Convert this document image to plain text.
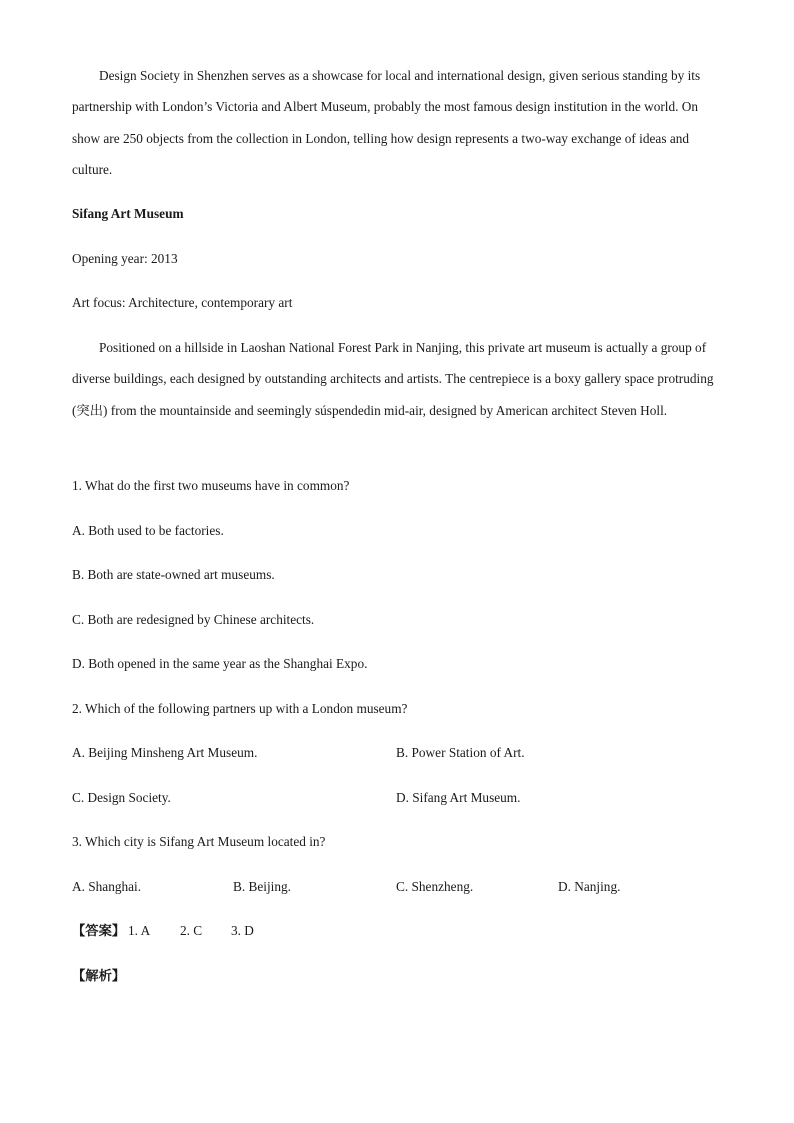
Design Society in Shenzhen serves as a showcase for local and international design, given serious standing by its partnership with London’s Victoria and Albert Museum, probably the most famous design institution in the world. On show are 250 objects from the collection in London, telling how design represents a two-way exchange of ideas and culture.

Sifang Art Museum

Opening year: 2013

Art focus: Architecture, contemporary art

Positioned on a hillside in Laoshan National Forest Park in Nanjing, this private art museum is actually a group of diverse buildings, each designed by outstanding architects and artists. The centrepiece is a boxy gallery space protruding (突出) from the mountainside and seemingly súspendedin mid-air, designed by American architect Steven Holl.

1. What do the first two museums have in common?

A. Both used to be factories.

B. Both are state-owned art museums.

C. Both are redesigned by Chinese architects.

D. Both opened in the same year as the Shanghai Expo.

2. Which of the following partners up with a London museum?

A. Beijing Minsheng Art Museum.	B. Power Station of Art.
C. Design Society.	D. Sifang Art Museum.

3. Which city is Sifang Art Museum located in?

A. Shanghai.	B. Beijing.	C. Shenzheng.	D. Nanjing.
【答案】 1. A 2. C 3. D
【解析】
